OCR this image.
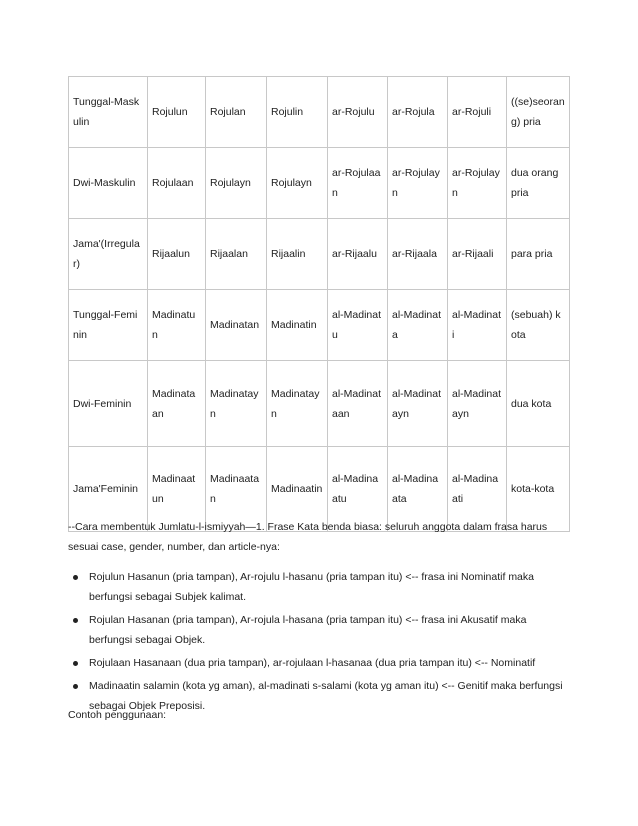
Tunggal-Maskulin	Rojulun	Rojulan	Rojulin	ar-Rojulu	ar-Rojula	ar-Rojuli	((se)seorang) pria
Dwi-Maskulin	Rojulaan	Rojulayn	Rojulayn	ar-Rojulaan	ar-Rojulayn	ar-Rojulayn	dua orang pria
Jama'(Irregular)	Rijaalun	Rijaalan	Rijaalin	ar-Rijaalu	ar-Rijaala	ar-Rijaali	para pria
Tunggal-Feminin	Madinatun	Madinatan	Madinatin	al-Madinatu	al-Madinata	al-Madinati	(sebuah) kota
Dwi-Feminin	Madinataan	Madinatayn	Madinatayn	al-Madinataan	al-Madinatayn	al-Madinatayn	dua kota
Jama'Feminin	Madinaatun	Madinaatan	Madinaatin	al-Madinaatu	al-Madinaata	al-Madinaati	kota-kota

--Cara membentuk Jumlatu-l-ismiyyah—1. Frase Kata benda biasa: seluruh anggota dalam frasa harus sesuai case, gender, number, dan article-nya:

Rojulun Hasanun (pria tampan), Ar-rojulu l-hasanu (pria tampan itu) <-- frasa ini Nominatif maka berfungsi sebagai Subjek kalimat.
Rojulan Hasanan (pria tampan), Ar-rojula l-hasana (pria tampan itu) <-- frasa ini Akusatif maka berfungsi sebagai Objek.
Rojulaan Hasanaan (dua pria tampan), ar-rojulaan l-hasanaa (dua pria tampan itu) <-- Nominatif
Madinaatin salamin (kota yg aman), al-madinati s-salami (kota yg aman itu) <-- Genitif maka berfungsi sebagai Objek Preposisi.

Contoh penggunaan:
